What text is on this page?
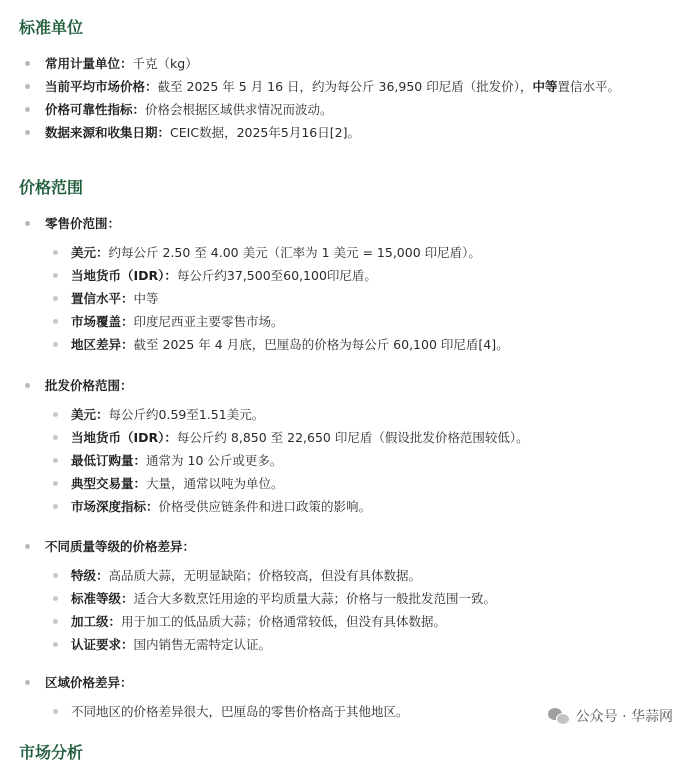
标准单位
常用计量单位：千克（kg）
当前平均市场价格：截至 2025 年 5 月 16 日，约为每公斤 36,950 印尼盾（批发价），中等置信水平。
价格可靠性指标：价格会根据区域供求情况而波动。
数据来源和收集日期：CEIC数据，2025年5月16日[2]。
价格范围
零售价范围：
美元：约每公斤 2.50 至 4.00 美元（汇率为 1 美元 = 15,000 印尼盾）。
当地货币（IDR）：每公斤约37,500至60,100印尼盾。
置信水平：中等
市场覆盖：印度尼西亚主要零售市场。
地区差异：截至 2025 年 4 月底，巴厘岛的价格为每公斤 60,100 印尼盾[4]。
批发价格范围：
美元：每公斤约0.59至1.51美元。
当地货币（IDR）：每公斤约 8,850 至 22,650 印尼盾（假设批发价格范围较低）。
最低订购量：通常为 10 公斤或更多。
典型交易量：大量，通常以吨为单位。
市场深度指标：价格受供应链条件和进口政策的影响。
不同质量等级的价格差异：
特级：高品质大蒜，无明显缺陷；价格较高，但没有具体数据。
标准等级：适合大多数烹饪用途的平均质量大蒜；价格与一般批发范围一致。
加工级：用于加工的低品质大蒜；价格通常较低，但没有具体数据。
认证要求：国内销售无需特定认证。
区域价格差异：
不同地区的价格差异很大，巴厘岛的零售价格高于其他地区。
市场分析
公众号 · 华蒜网
